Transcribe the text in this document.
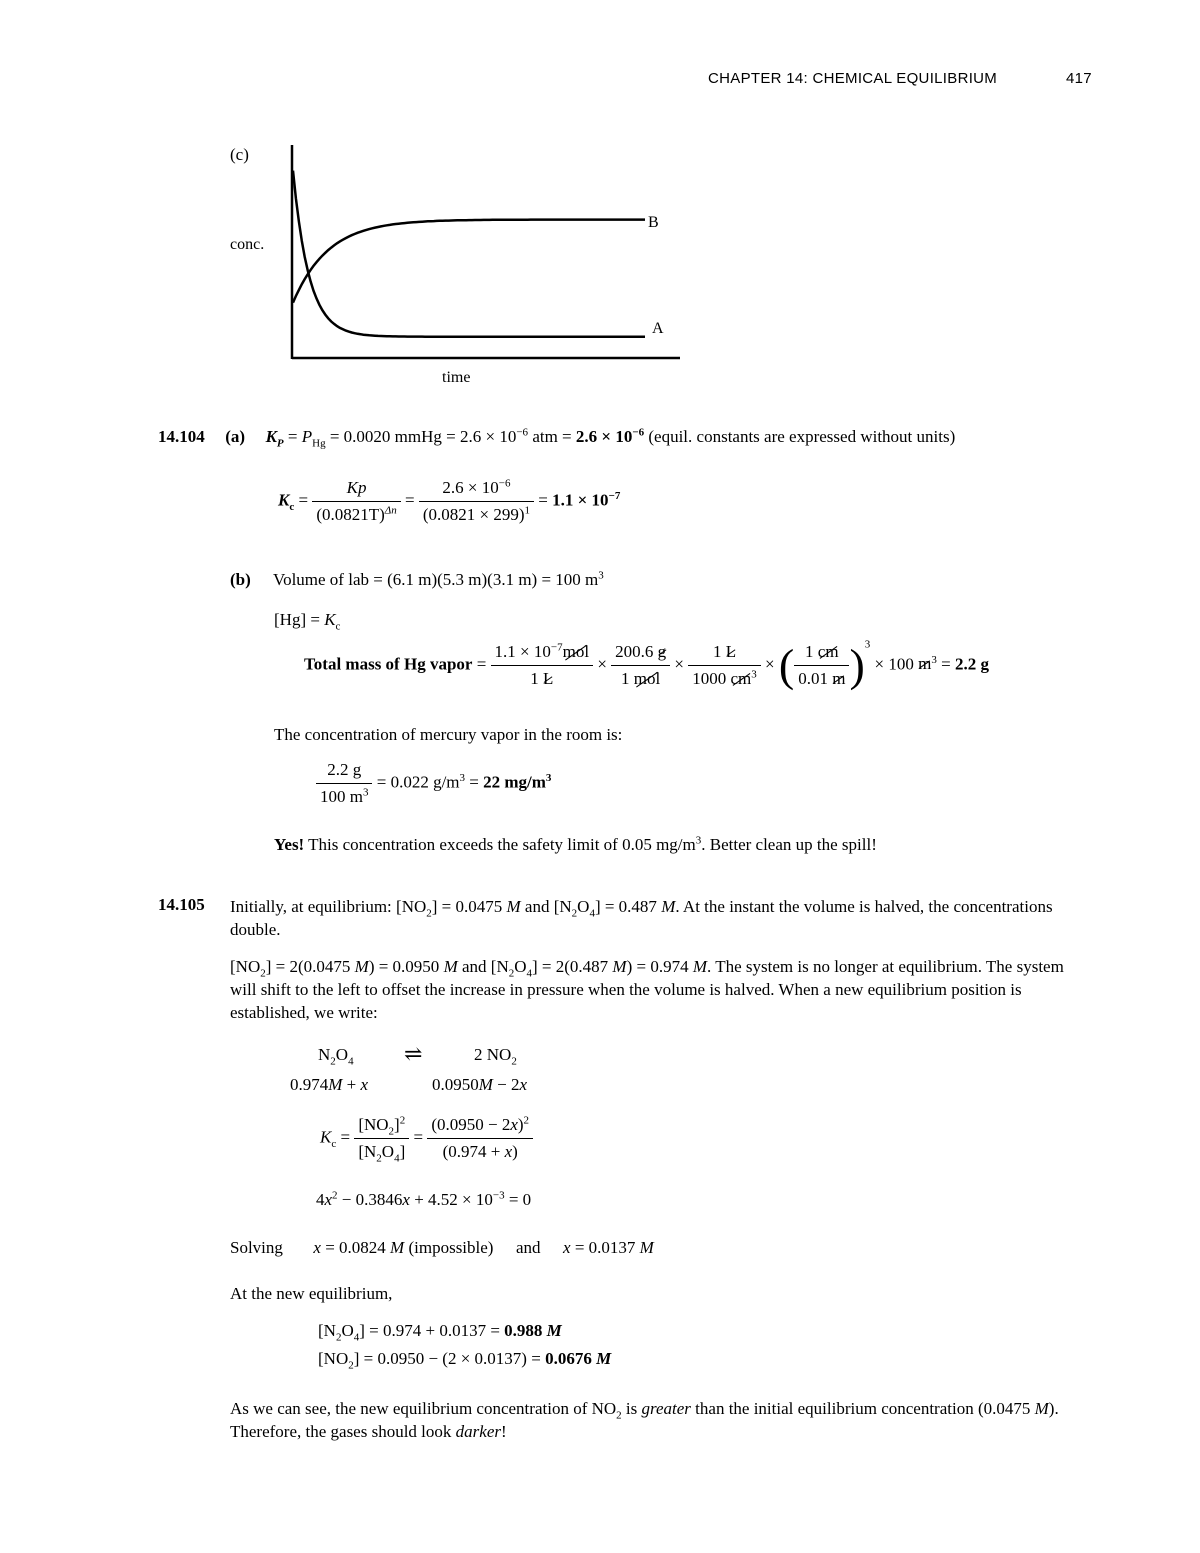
CHAPTER 14: CHEMICAL EQUILIBRIUM	417
(c)
conc.
time
B
A
14.104 (a) $K_P = P_{Hg} = 0.0020$ mmHg = $2.6 \times 10^{-6}$ atm = $2.6 \times 10^{-6}$ (equil. constants are expressed without units)
$K_c = \frac{Kp}{(0.0821T)^{\Delta n}} = \frac{2.6 \times 10^{-6}}{(0.0821 \times 299)^1} = 1.1 \times 10^{-7}$
(b) Volume of lab = (6.1 m)(5.3 m)(3.1 m) = 100 $m^3$
$[Hg] = K_c$
Total mass of Hg vapor = $\frac{1.1 \times 10^{-7}mol}{1 L} \times \frac{200.6 g}{\text{1 mol}} \times \frac{1 L}{1000 cm^3}$ × ( $\frac{1 cm}{0.01 m} )^3 \times 100$ $m^3 = 2.2$ g
The concentration of mercury vapor in the room is:
$\frac{2.2 g}{100 m^3} = 0.022$ $g/m^3 = 22$ $mg/m^3$
Yes! This concentration exceeds the safety limit of 0.05 $mg/m^3$. Better clean up the spill!
14.105 Initially, at equilibrium: $[NO_2] = 0.0475$ M and $[N_2O_4] = 0.487$ M. At the instant the volume is halved, the concentrations double.
$[NO_2] = 2(0.0475$ M) = 0.0950 M and $[N_2O_4] = 2(0.487$ M) = 0.974 M. The system is no longer at equilibrium. The system will shift to the left to offset the increase in pressure when the volume is halved. When a new equilibrium position is established, we write:
$N_2O_4$ ⇌	2 $NO_2$
0.974M + x	0.0950M − 2x
$K_c = \frac{[NO_2]^2}{[N_2O_4]} = \frac{(0.0950 - 2x)^2}{(0.974 + x)}$
$4x^2 - 0.3846x + 4.52 \times 10^{-3} = 0$
Solving x = 0.0824 M (impossible) and x = 0.0137 M
At the new equilibrium,
$[N_2O_4] = 0.974 + 0.0137 = 0.988$ M
$[NO_2] = 0.0950 - (2 \times 0.0137) = 0.0676$ M
As we can see, the new equilibrium concentration of $NO_2$ is greater than the initial equilibrium concentration (0.0475 M). Therefore, the gases should look darker!
